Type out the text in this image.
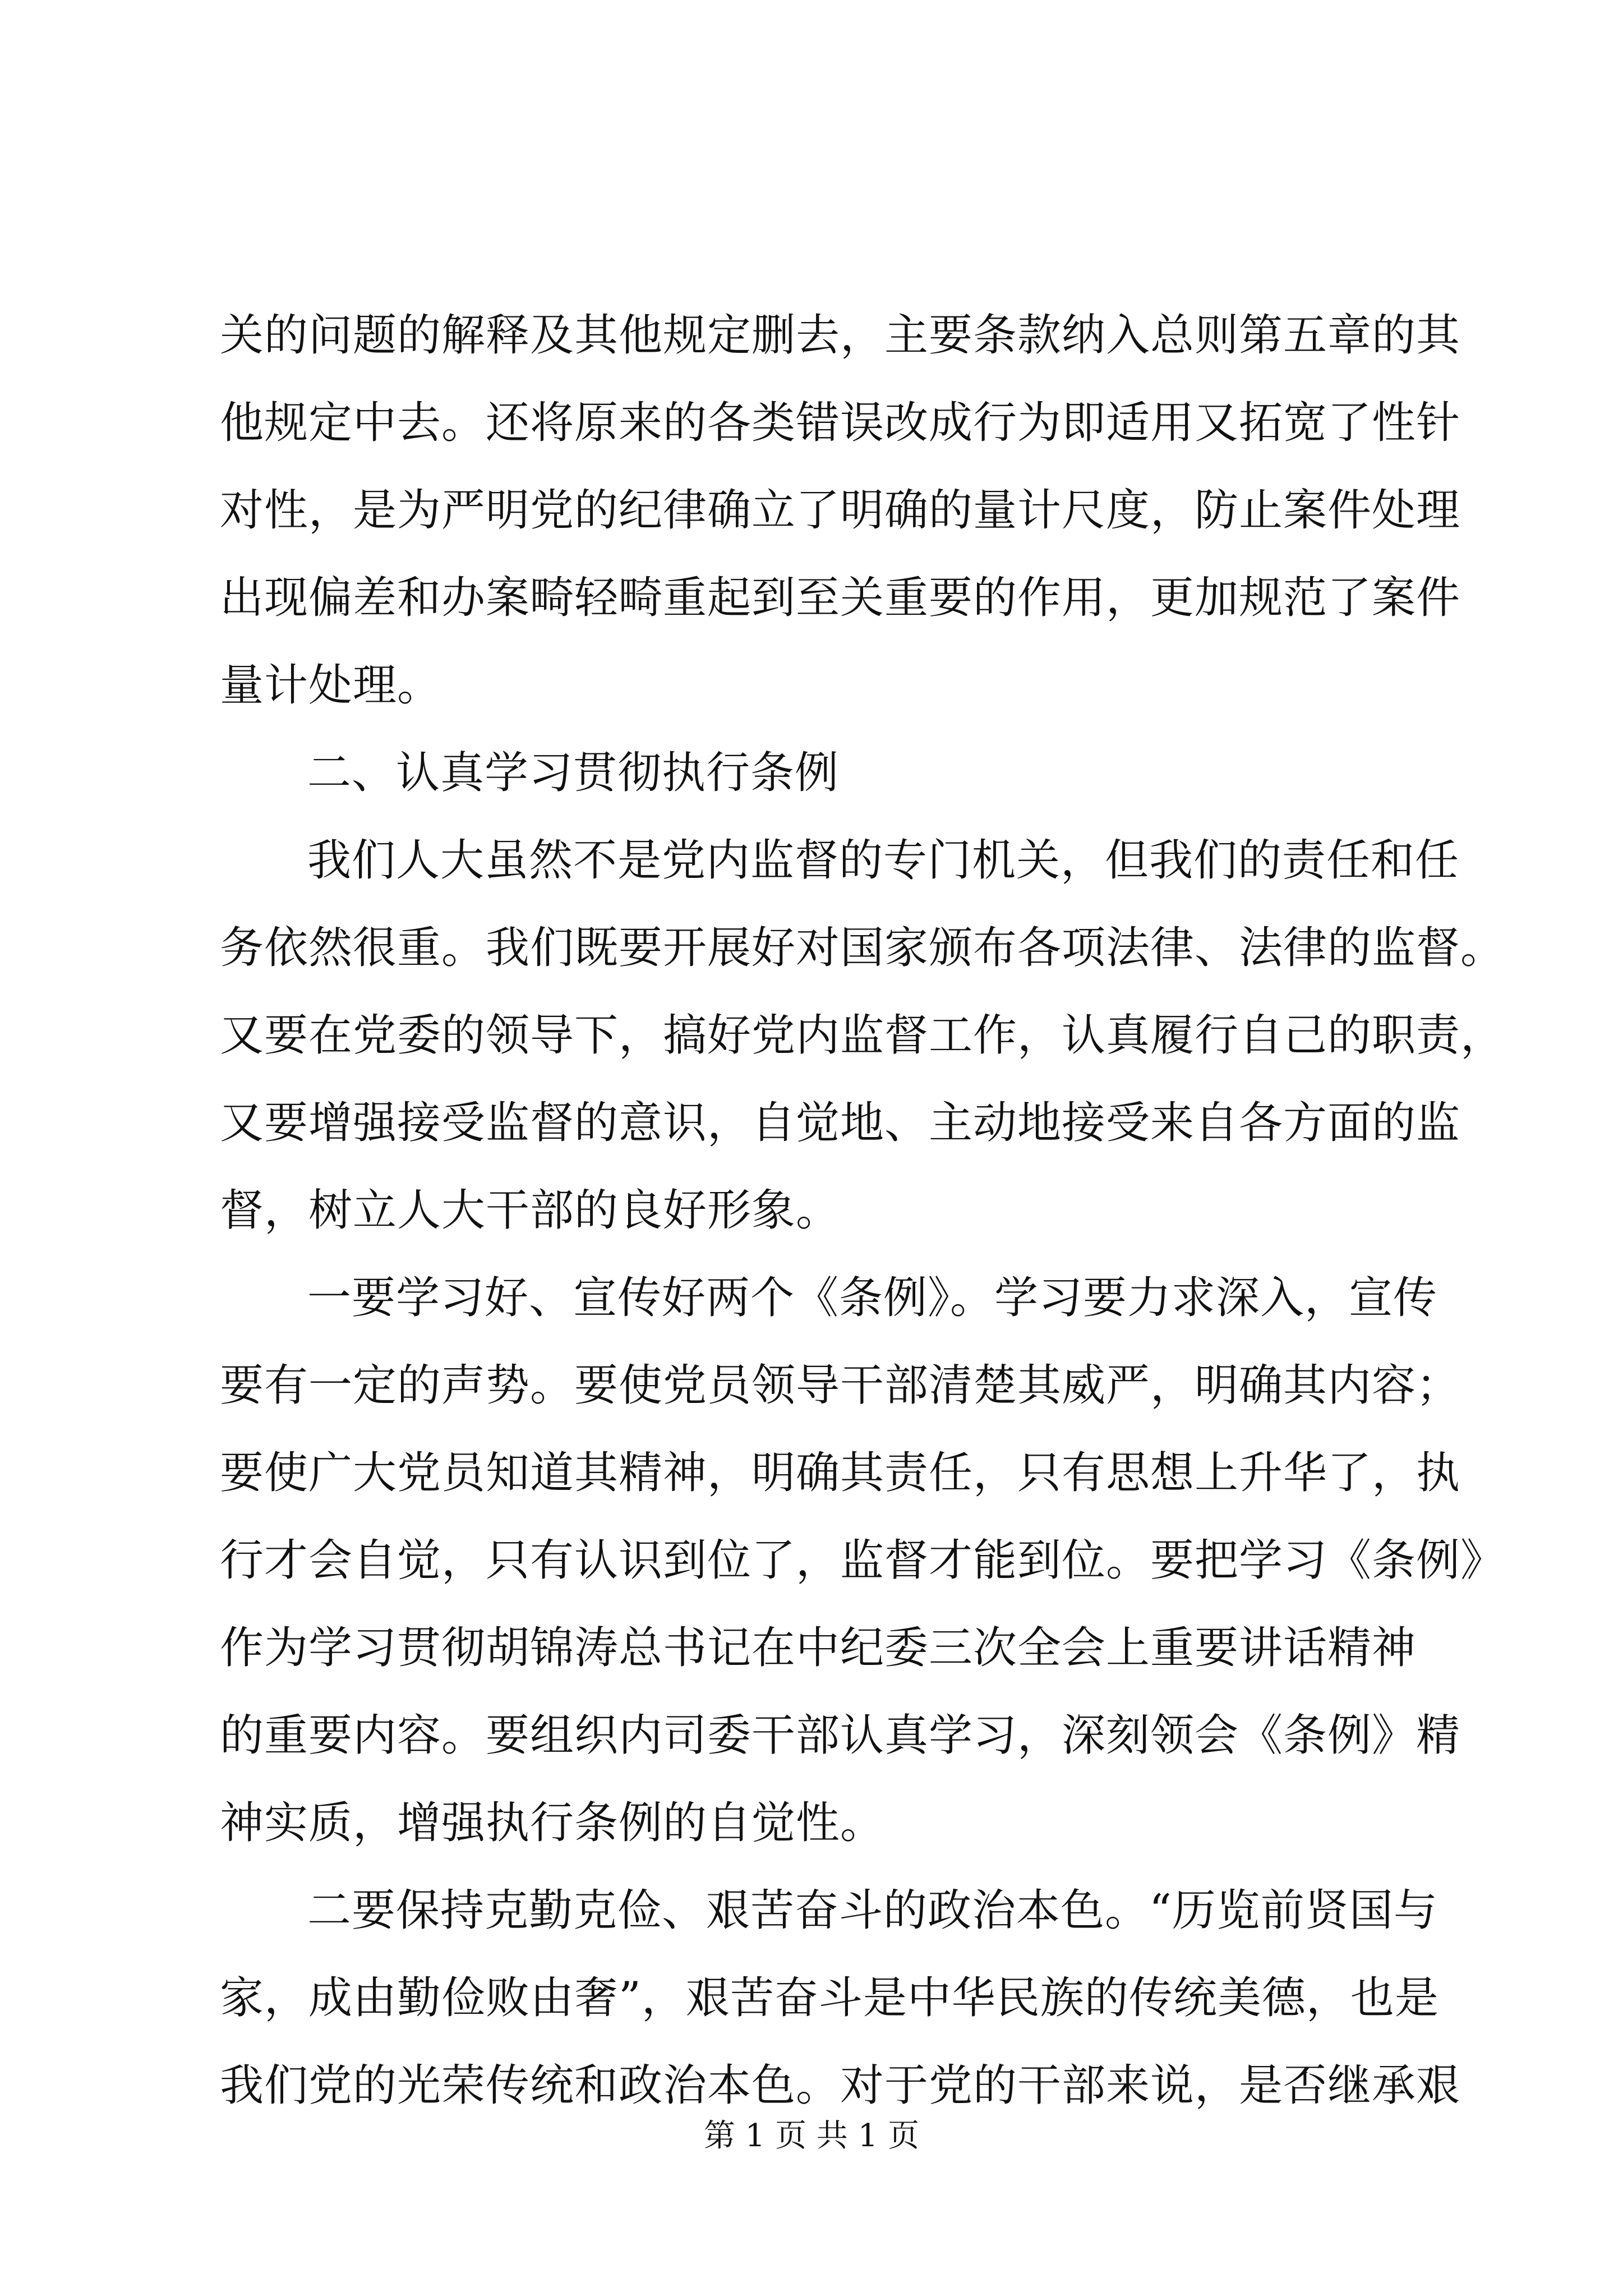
关的问题的解释及其他规定删去，主要条款纳入总则第五章的其
他规定中去。还将原来的各类错误改成行为即适用又拓宽了性针
对性，是为严明党的纪律确立了明确的量计尺度，防止案件处理
出现偏差和办案畸轻畸重起到至关重要的作用，更加规范了案件
量计处理。
二、认真学习贯彻执行条例
我们人大虽然不是党内监督的专门机关，但我们的责任和任
务依然很重。我们既要开展好对国家颁布各项法律、法律的监督。
又要在党委的领导下，搞好党内监督工作，认真履行自己的职责，
又要增强接受监督的意识，自觉地、主动地接受来自各方面的监
督，树立人大干部的良好形象。
一要学习好、宣传好两个《条例》。学习要力求深入，宣传
要有一定的声势。要使党员领导干部清楚其威严，明确其内容；
要使广大党员知道其精神，明确其责任，只有思想上升华了，执
行才会自觉，只有认识到位了，监督才能到位。要把学习《条例》
作为学习贯彻胡锦涛总书记在中纪委三次全会上重要讲话精神
的重要内容。要组织内司委干部认真学习，深刻领会《条例》精
神实质，增强执行条例的自觉性。
二要保持克勤克俭、艰苦奋斗的政治本色。“历览前贤国与
家，成由勤俭败由奢”，艰苦奋斗是中华民族的传统美德，也是
我们党的光荣传统和政治本色。对于党的干部来说，是否继承艰
第 1 页 共 1 页
